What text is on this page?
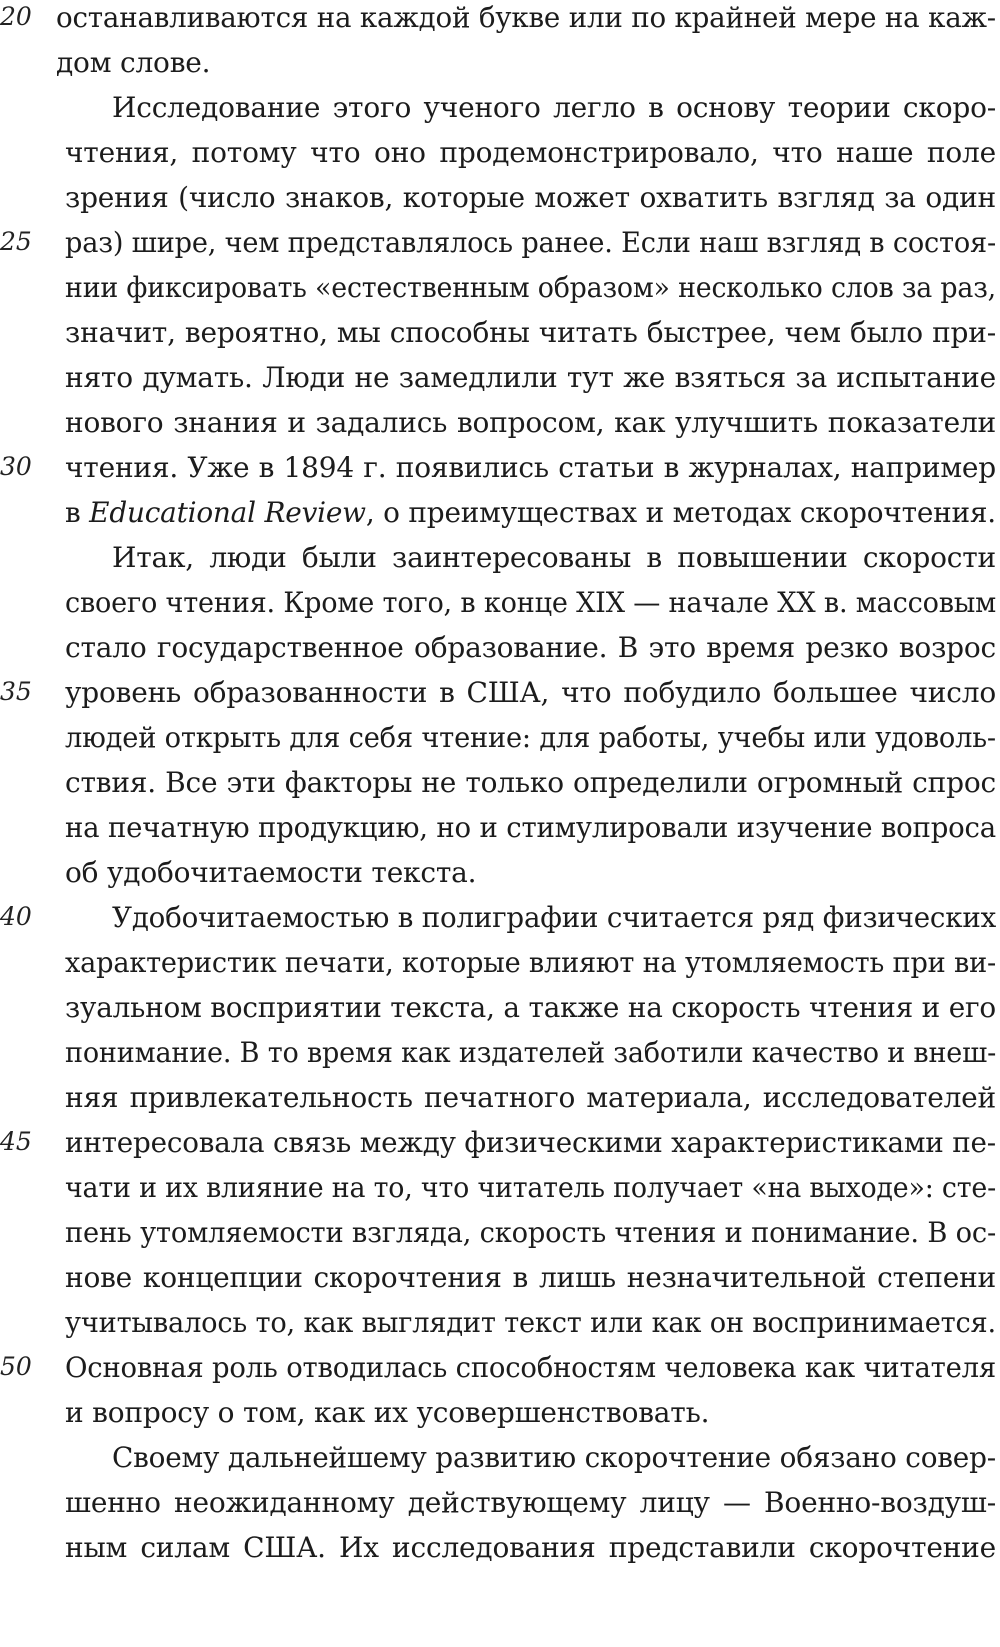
20 останавливаются на каждой букве или по крайней мере на каж-
дом слове.
Исследование этого ученого легло в основу теории скоро-
чтения, потому что оно продемонстрировало, что наше поле
зрения (число знаков, которые может охватить взгляд за один
25 раз) шире, чем представлялось ранее. Если наш взгляд в состоя-
нии фиксировать «естественным образом» несколько слов за раз,
значит, вероятно, мы способны читать быстрее, чем было при-
нято думать. Люди не замедлили тут же взяться за испытание
нового знания и задались вопросом, как улучшить показатели
30 чтения. Уже в 1894 г. появились статьи в журналах, например
в Educational Review, о преимуществах и методах скорочтения.
Итак, люди были заинтересованы в повышении скорости
своего чтения. Кроме того, в конце XIX — начале XX в. массовым
стало государственное образование. В это время резко возрос
35 уровень образованности в США, что побудило большее число
людей открыть для себя чтение: для работы, учебы или удоволь-
ствия. Все эти факторы не только определили огромный спрос
на печатную продукцию, но и стимулировали изучение вопроса
об удобочитаемости текста.
40	Удобочитаемостью в полиграфии считается ряд физических
характеристик печати, которые влияют на утомляемость при ви-
зуальном восприятии текста, а также на скорость чтения и его
понимание. В то время как издателей заботили качество и внеш-
няя привлекательность печатного материала, исследователей
45 интересовала связь между физическими характеристиками пе-
чати и их влияние на то, что читатель получает «на выходе»: сте-
пень утомляемости взгляда, скорость чтения и понимание. В ос-
нове концепции скорочтения в лишь незначительной степени
учитывалось то, как выглядит текст или как он воспринимается.
50 Основная роль отводилась способностям человека как читателя
и вопросу о том, как их усовершенствовать.
Своему дальнейшему развитию скорочтение обязано совер-
шенно неожиданному действующему лицу — Военно-воздуш-
ным силам США. Их исследования представили скорочтение
